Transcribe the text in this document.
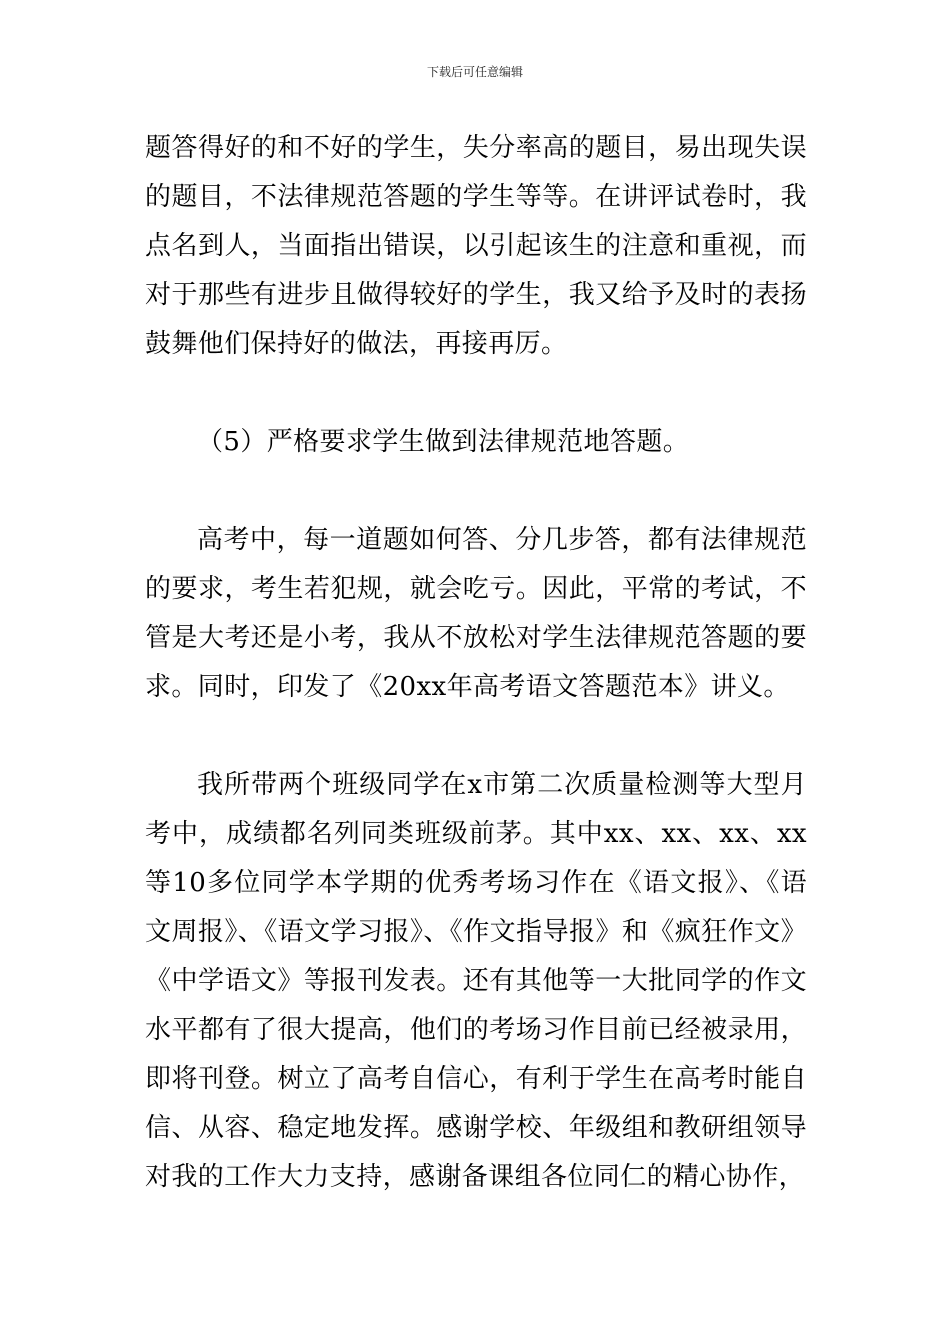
下载后可任意编辑

题答得好的和不好的学生，失分率高的题目，易出现失误的题目，不法律规范答题的学生等等。在讲评试卷时，我点名到人，当面指出错误，以引起该生的注意和重视，而对于那些有进步且做得较好的学生，我又给予及时的表扬鼓舞他们保持好的做法，再接再厉。

（5）严格要求学生做到法律规范地答题。

高考中，每一道题如何答、分几步答，都有法律规范的要求，考生若犯规，就会吃亏。因此，平常的考试，不管是大考还是小考，我从不放松对学生法律规范答题的要求。同时，印发了《20xx年高考语文答题范本》讲义。

我所带两个班级同学在x市第二次质量检测等大型月考中，成绩都名列同类班级前茅。其中xx、xx、xx、xx等10多位同学本学期的优秀考场习作在《语文报》、《语文周报》、《语文学习报》、《作文指导报》和《疯狂作文》《中学语文》等报刊发表。还有其他等一大批同学的作文水平都有了很大提高，他们的考场习作目前已经被录用，即将刊登。树立了高考自信心，有利于学生在高考时能自信、从容、稳定地发挥。感谢学校、年级组和教研组领导对我的工作大力支持，感谢备课组各位同仁的精心协作，
